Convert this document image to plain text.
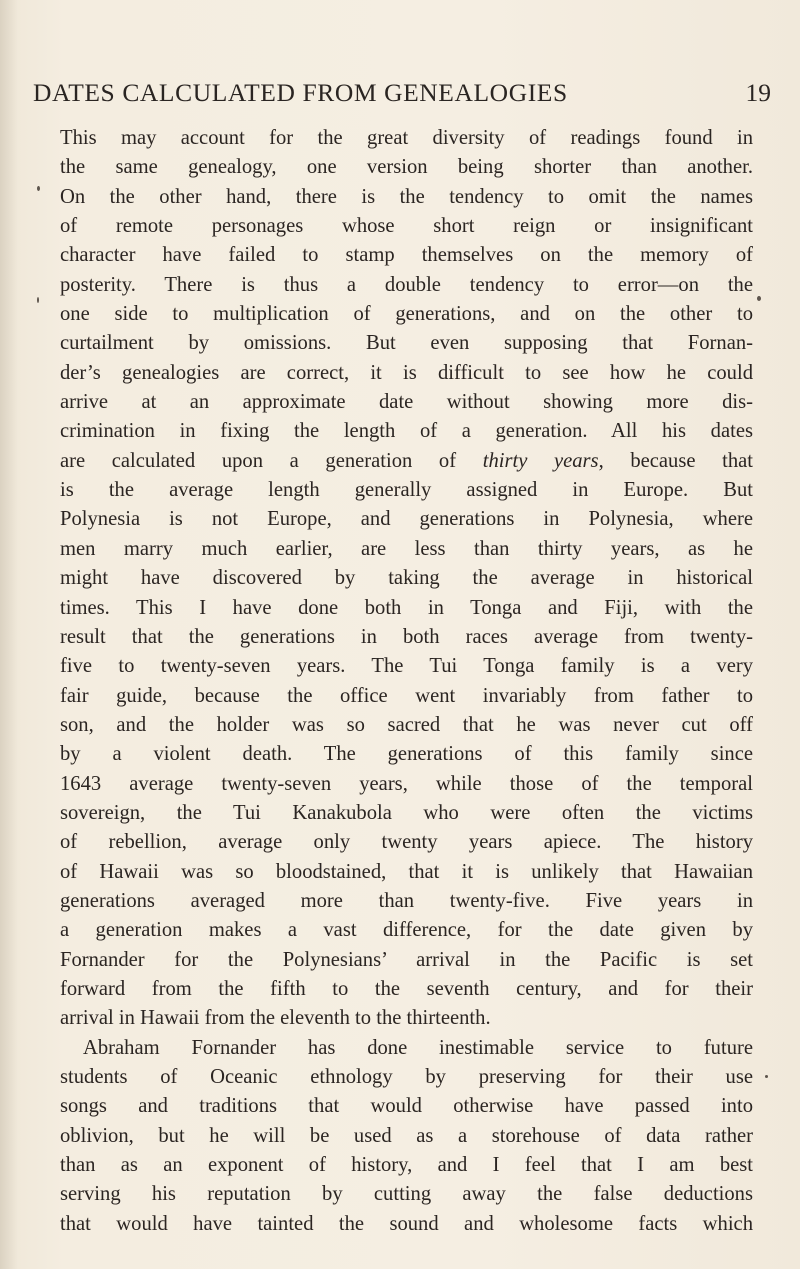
DATES CALCULATED FROM GENEALOGIES	19
This may account for the great diversity of readings found in
the same genealogy, one version being shorter than another.
On the other hand, there is the tendency to omit the names
of remote personages whose short reign or insignificant
character have failed to stamp themselves on the memory of
posterity. There is thus a double tendency to error—on the
one side to multiplication of generations, and on the other to
curtailment by omissions. But even supposing that Fornan-
der’s genealogies are correct, it is difficult to see how he could
arrive at an approximate date without showing more dis-
crimination in fixing the length of a generation. All his dates
are calculated upon a generation of thirty years, because that
is the average length generally assigned in Europe. But
Polynesia is not Europe, and generations in Polynesia, where
men marry much earlier, are less than thirty years, as he
might have discovered by taking the average in historical
times. This I have done both in Tonga and Fiji, with the
result that the generations in both races average from twenty-
five to twenty-seven years. The Tui Tonga family is a very
fair guide, because the office went invariably from father to
son, and the holder was so sacred that he was never cut off
by a violent death. The generations of this family since
1643 average twenty-seven years, while those of the temporal
sovereign, the Tui Kanakubola who were often the victims
of rebellion, average only twenty years apiece. The history
of Hawaii was so bloodstained, that it is unlikely that Hawaiian
generations averaged more than twenty-five. Five years in
a generation makes a vast difference, for the date given by
Fornander for the Polynesians’ arrival in the Pacific is set
forward from the fifth to the seventh century, and for their
arrival in Hawaii from the eleventh to the thirteenth.
Abraham Fornander has done inestimable service to future
students of Oceanic ethnology by preserving for their use
songs and traditions that would otherwise have passed into
oblivion, but he will be used as a storehouse of data rather
than as an exponent of history, and I feel that I am best
serving his reputation by cutting away the false deductions
that would have tainted the sound and wholesome facts which
